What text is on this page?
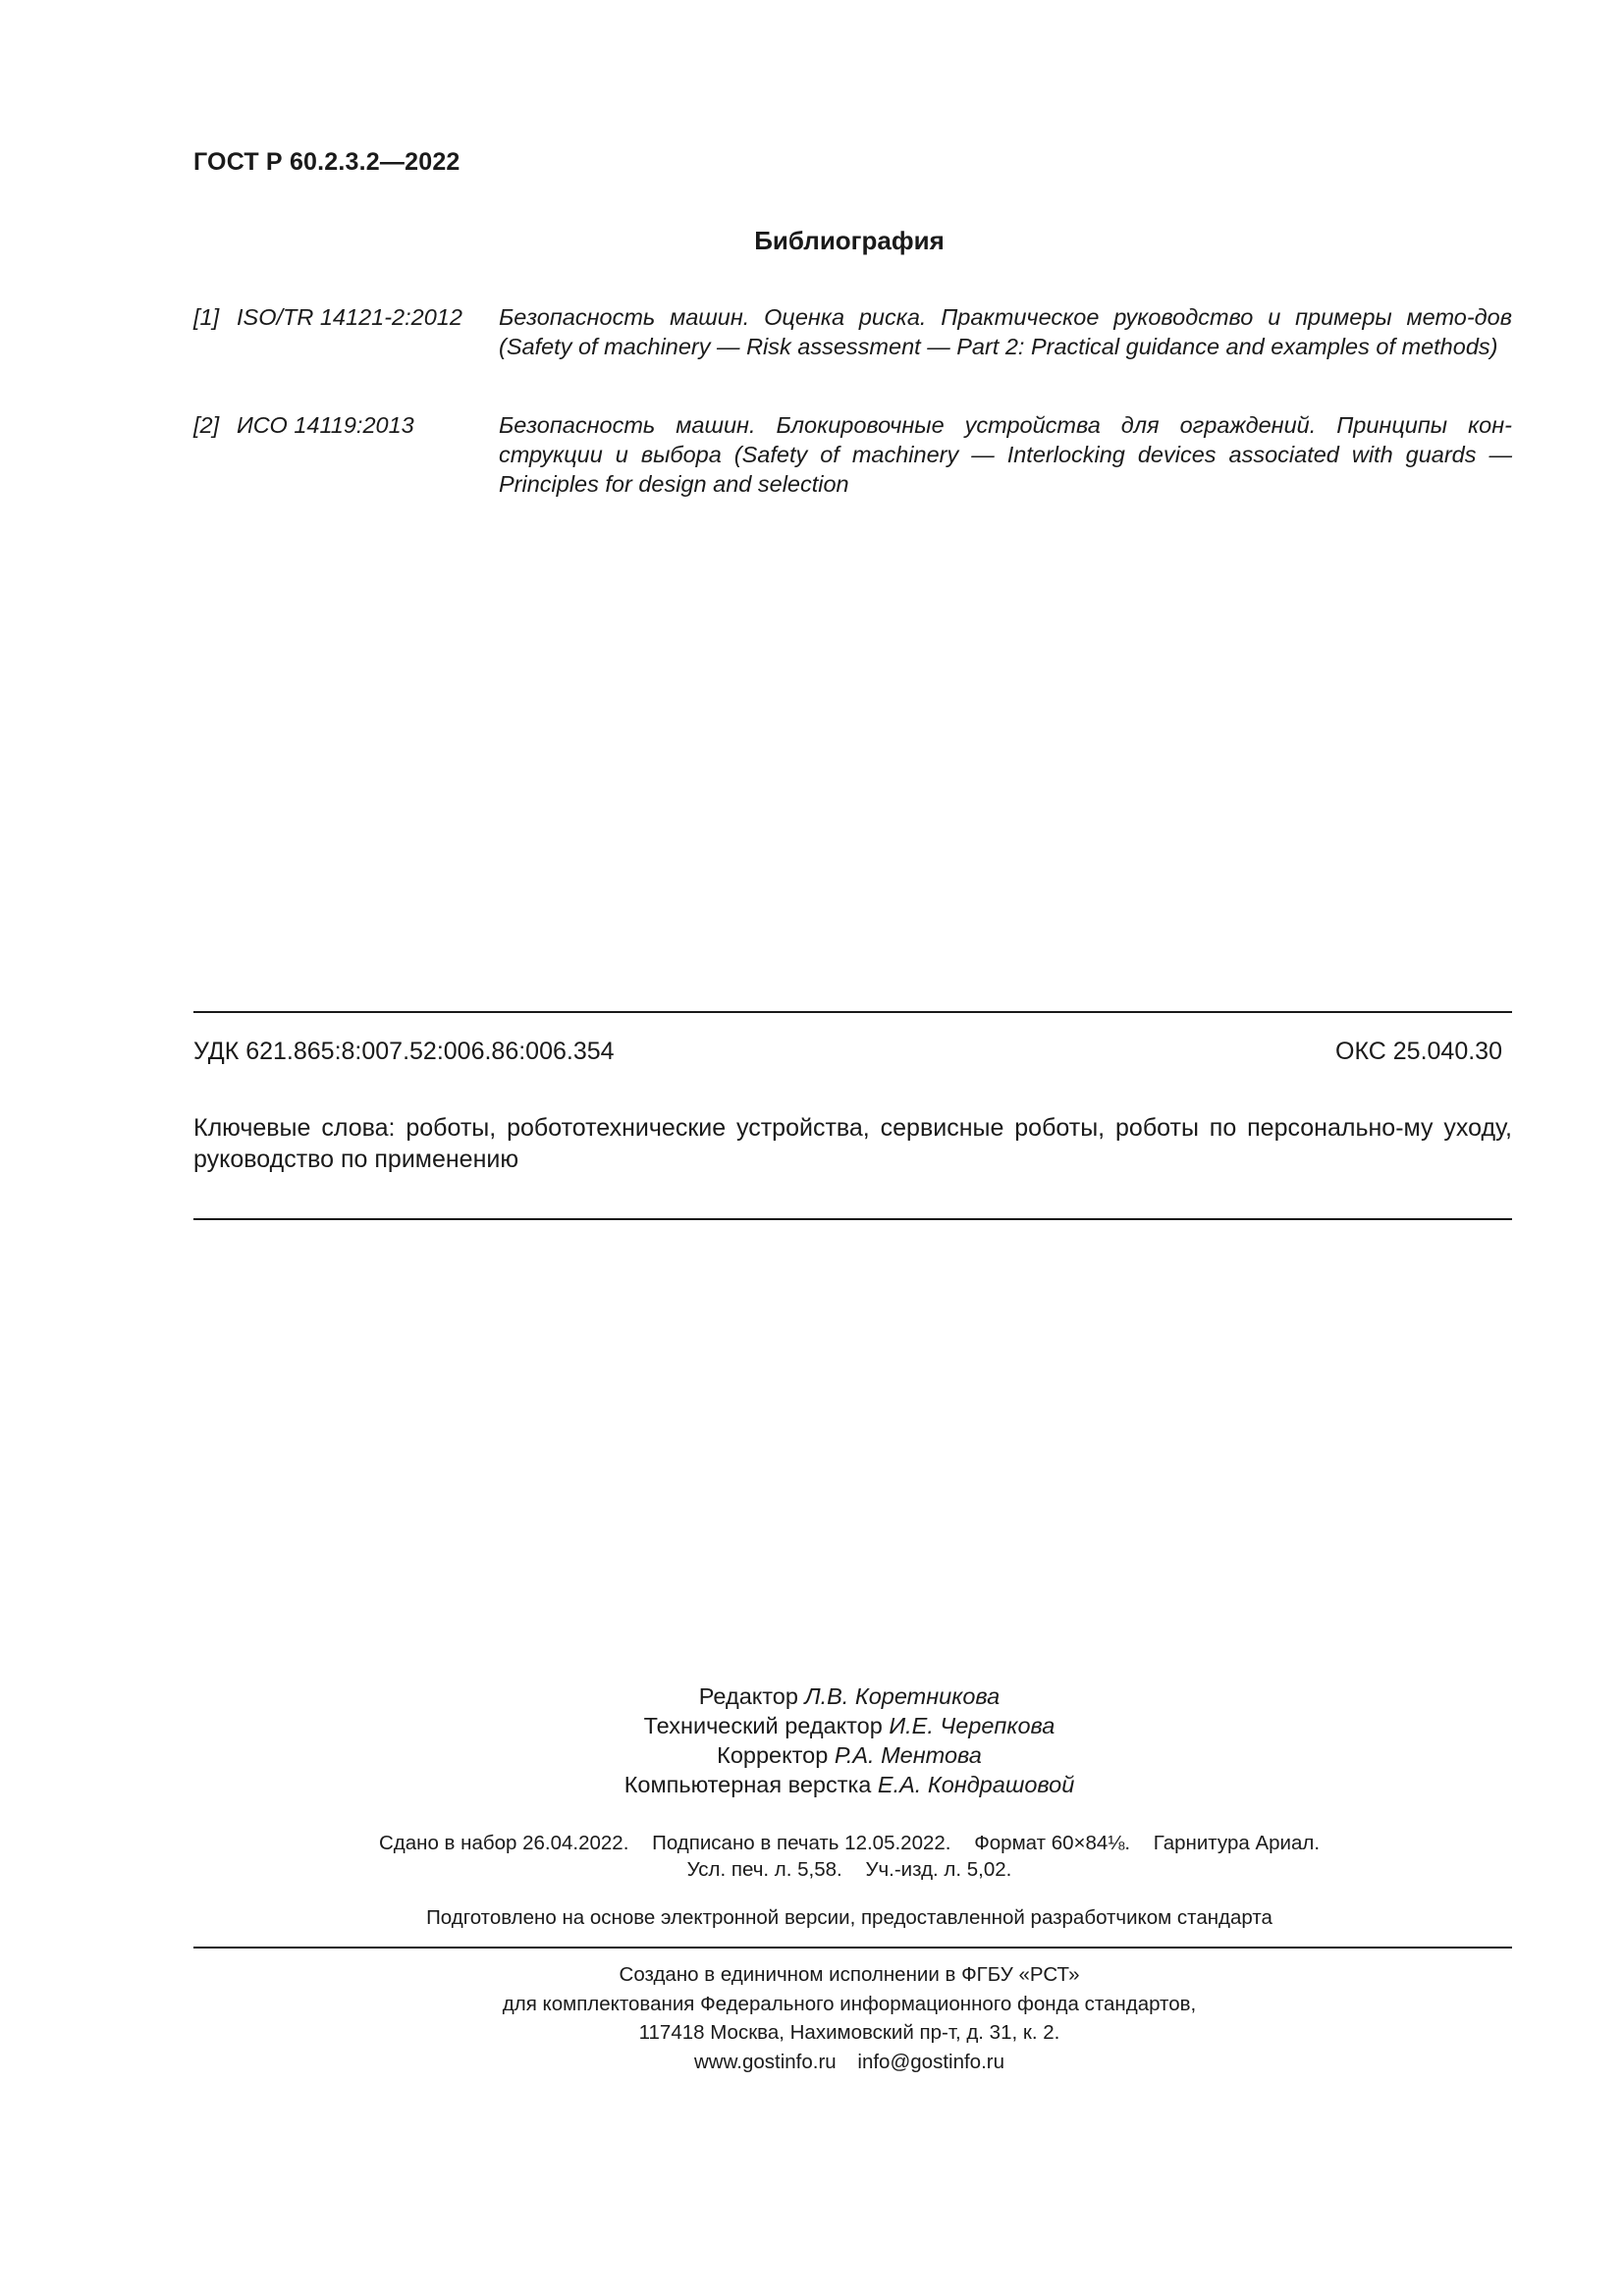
ГОСТ Р 60.2.3.2—2022
Библиография
[1] ISO/TR 14121-2:2012 Безопасность машин. Оценка риска. Практическое руководство и примеры мето-дов (Safety of machinery — Risk assessment — Part 2: Practical guidance and examples of methods)
[2] ИСО 14119:2013	Безопасность машин. Блокировочные устройства для ограждений. Принципы кон-струкции и выбора (Safety of machinery — Interlocking devices associated with guards — Principles for design and selection
УДК 621.865:8:007.52:006.86:006.354	ОКС 25.040.30
Ключевые слова: роботы, робототехнические устройства, сервисные роботы, роботы по персонально-му уходу, руководство по применению
Редактор Л.В. Коретникова
Технический редактор И.Е. Черепкова
Корректор Р.А. Ментова
Компьютерная верстка Е.А. Кондрашовой
Сдано в набор 26.04.2022. Подписано в печать 12.05.2022. Формат 60×84⅛. Гарнитура Ариал.
Усл. печ. л. 5,58. Уч.-изд. л. 5,02.
Подготовлено на основе электронной версии, предоставленной разработчиком стандарта
Создано в единичном исполнении в ФГБУ «РСТ»
для комплектования Федерального информационного фонда стандартов,
117418 Москва, Нахимовский пр-т, д. 31, к. 2.
www.gostinfo.ru info@gostinfo.ru
